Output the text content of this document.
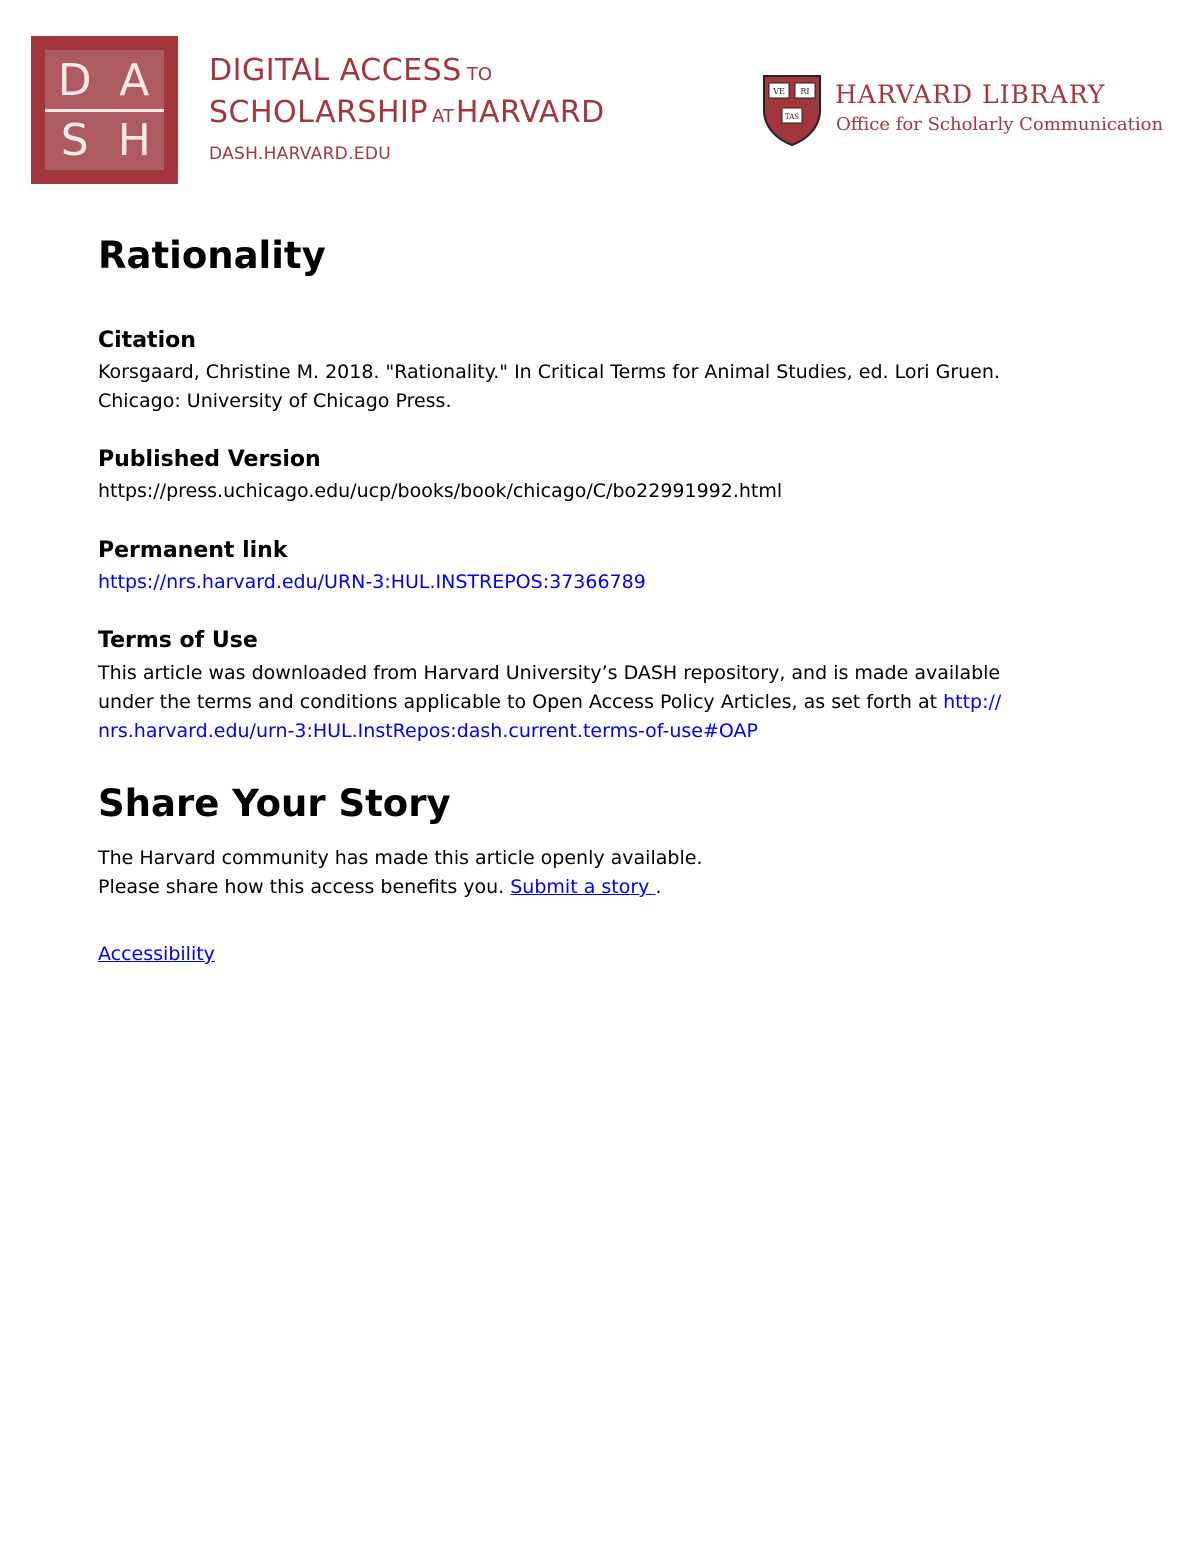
D A
S H
DIGITAL ACCESS TO
SCHOLARSHIP ATHARVARD
DASH.HARVARD.EDU
VE RI
TAS
HARVARD LIBRARY
Office for Scholarly Communication
Rationality
Citation

Korsgaard, Christine M. 2018. "Rationality." In Critical Terms for Animal Studies, ed. Lori Gruen.
Chicago: University of Chicago Press.

Published Version

https://press.uchicago.edu/ucp/books/book/chicago/C/bo22991992.html

Permanent link

https://nrs.harvard.edu/URN-3:HUL.INSTREPOS:37366789

Terms of Use

This article was downloaded from Harvard University’s DASH repository, and is made available
under the terms and conditions applicable to Open Access Policy Articles, as set forth at http://
nrs.harvard.edu/urn-3:HUL.InstRepos:dash.current.terms-of-use#OAP

Share Your Story

The Harvard community has made this article openly available.
Please share how this access benefits you. Submit a story .

Accessibility
